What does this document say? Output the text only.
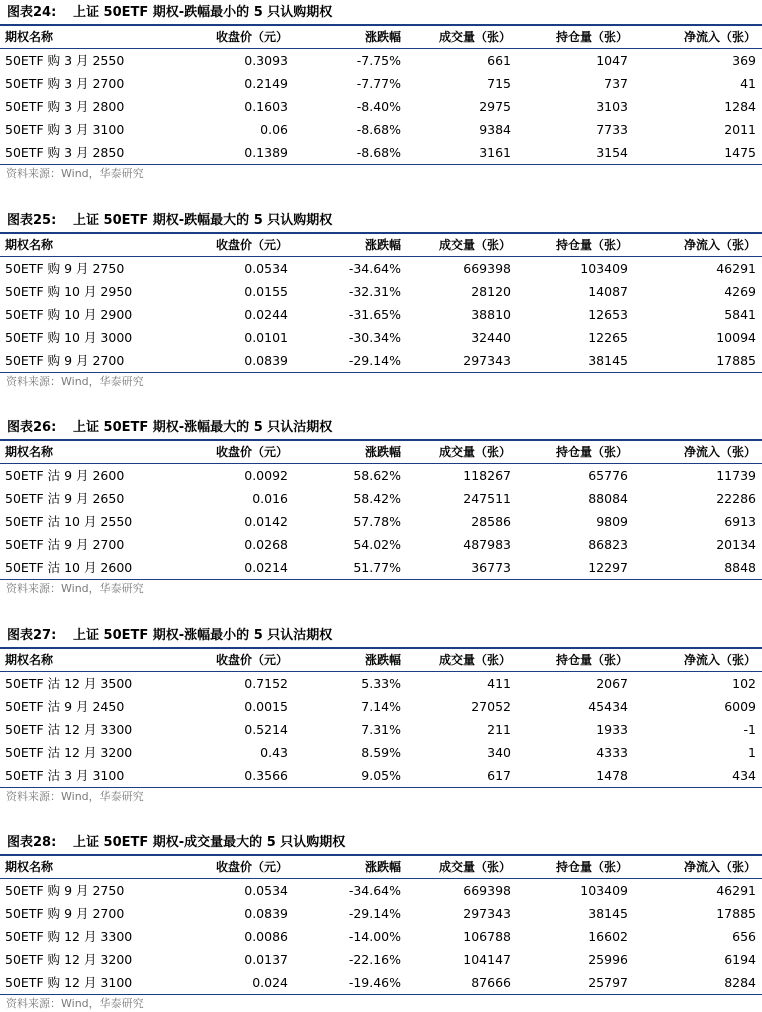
图表24: 上证 50ETF 期权-跌幅最小的 5 只认购期权
期权名称	收盘价（元）	涨跌幅	成交量（张）	持仓量（张）	净流入（张）
50ETF 购 3 月 2550	0.3093	-7.75%	661	1047	369
50ETF 购 3 月 2700	0.2149	-7.77%	715	737	41
50ETF 购 3 月 2800	0.1603	-8.40%	2975	3103	1284
50ETF 购 3 月 3100	0.06	-8.68%	9384	7733	2011
50ETF 购 3 月 2850	0.1389	-8.68%	3161	3154	1475
资料来源：Wind，华泰研究
图表25: 上证 50ETF 期权-跌幅最大的 5 只认购期权
期权名称	收盘价（元）	涨跌幅	成交量（张）	持仓量（张）	净流入（张）
50ETF 购 9 月 2750	0.0534	-34.64%	669398	103409	46291
50ETF 购 10 月 2950	0.0155	-32.31%	28120	14087	4269
50ETF 购 10 月 2900	0.0244	-31.65%	38810	12653	5841
50ETF 购 10 月 3000	0.0101	-30.34%	32440	12265	10094
50ETF 购 9 月 2700	0.0839	-29.14%	297343	38145	17885
资料来源：Wind，华泰研究
图表26: 上证 50ETF 期权-涨幅最大的 5 只认沽期权
期权名称	收盘价（元）	涨跌幅	成交量（张）	持仓量（张）	净流入（张）
50ETF 沽 9 月 2600	0.0092	58.62%	118267	65776	11739
50ETF 沽 9 月 2650	0.016	58.42%	247511	88084	22286
50ETF 沽 10 月 2550	0.0142	57.78%	28586	9809	6913
50ETF 沽 9 月 2700	0.0268	54.02%	487983	86823	20134
50ETF 沽 10 月 2600	0.0214	51.77%	36773	12297	8848
资料来源：Wind，华泰研究
图表27: 上证 50ETF 期权-涨幅最小的 5 只认沽期权
期权名称	收盘价（元）	涨跌幅	成交量（张）	持仓量（张）	净流入（张）
50ETF 沽 12 月 3500	0.7152	5.33%	411	2067	102
50ETF 沽 9 月 2450	0.0015	7.14%	27052	45434	6009
50ETF 沽 12 月 3300	0.5214	7.31%	211	1933	-1
50ETF 沽 12 月 3200	0.43	8.59%	340	4333	1
50ETF 沽 3 月 3100	0.3566	9.05%	617	1478	434
资料来源：Wind，华泰研究
图表28: 上证 50ETF 期权-成交量最大的 5 只认购期权
期权名称	收盘价（元）	涨跌幅	成交量（张）	持仓量（张）	净流入（张）
50ETF 购 9 月 2750	0.0534	-34.64%	669398	103409	46291
50ETF 购 9 月 2700	0.0839	-29.14%	297343	38145	17885
50ETF 购 12 月 3300	0.0086	-14.00%	106788	16602	656
50ETF 购 12 月 3200	0.0137	-22.16%	104147	25996	6194
50ETF 购 12 月 3100	0.024	-19.46%	87666	25797	8284
资料来源：Wind，华泰研究
